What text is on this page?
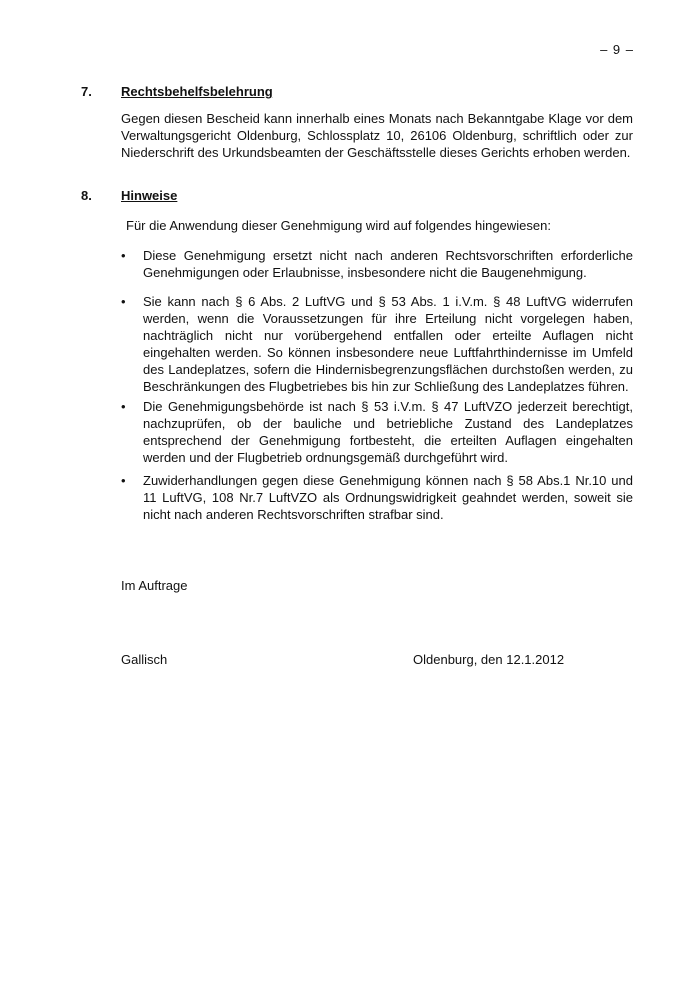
– 9 –
7. Rechtsbehelfsbelehrung
Gegen diesen Bescheid kann innerhalb eines Monats nach Bekanntgabe Klage vor dem Verwaltungsgericht Oldenburg, Schlossplatz 10, 26106 Oldenburg, schriftlich oder zur Niederschrift des Urkundsbeamten der Geschäftsstelle dieses Gerichts erhoben werden.
8. Hinweise
Für die Anwendung dieser Genehmigung wird auf folgendes hingewiesen:
• Diese Genehmigung ersetzt nicht nach anderen Rechtsvorschriften erforderliche Genehmigungen oder Erlaubnisse, insbesondere nicht die Baugenehmigung.
• Sie kann nach § 6 Abs. 2 LuftVG und § 53 Abs. 1 i.V.m. § 48 LuftVG widerrufen werden, wenn die Voraussetzungen für ihre Erteilung nicht vorgelegen haben, nachträglich nicht nur vorübergehend entfallen oder erteilte Auflagen nicht eingehalten werden. So können insbesondere neue Luftfahrthindernisse im Umfeld des Landeplatzes, sofern die Hindernisbegrenzungsflächen durchstoßen werden, zu Beschränkungen des Flugbetriebes bis hin zur Schließung des Landeplatzes führen.
• Die Genehmigungsbehörde ist nach § 53 i.V.m. § 47 LuftVZO jederzeit berechtigt, nachzuprüfen, ob der bauliche und betriebliche Zustand des Landeplatzes entsprechend der Genehmigung fortbesteht, die erteilten Auflagen eingehalten werden und der Flugbetrieb ordnungsgemäß durchgeführt wird.
• Zuwiderhandlungen gegen diese Genehmigung können nach § 58 Abs.1 Nr.10 und 11 LuftVG, 108 Nr.7 LuftVZO als Ordnungswidrigkeit geahndet werden, soweit sie nicht nach anderen Rechtsvorschriften strafbar sind.
Im Auftrage
Gallisch	Oldenburg, den 12.1.2012
